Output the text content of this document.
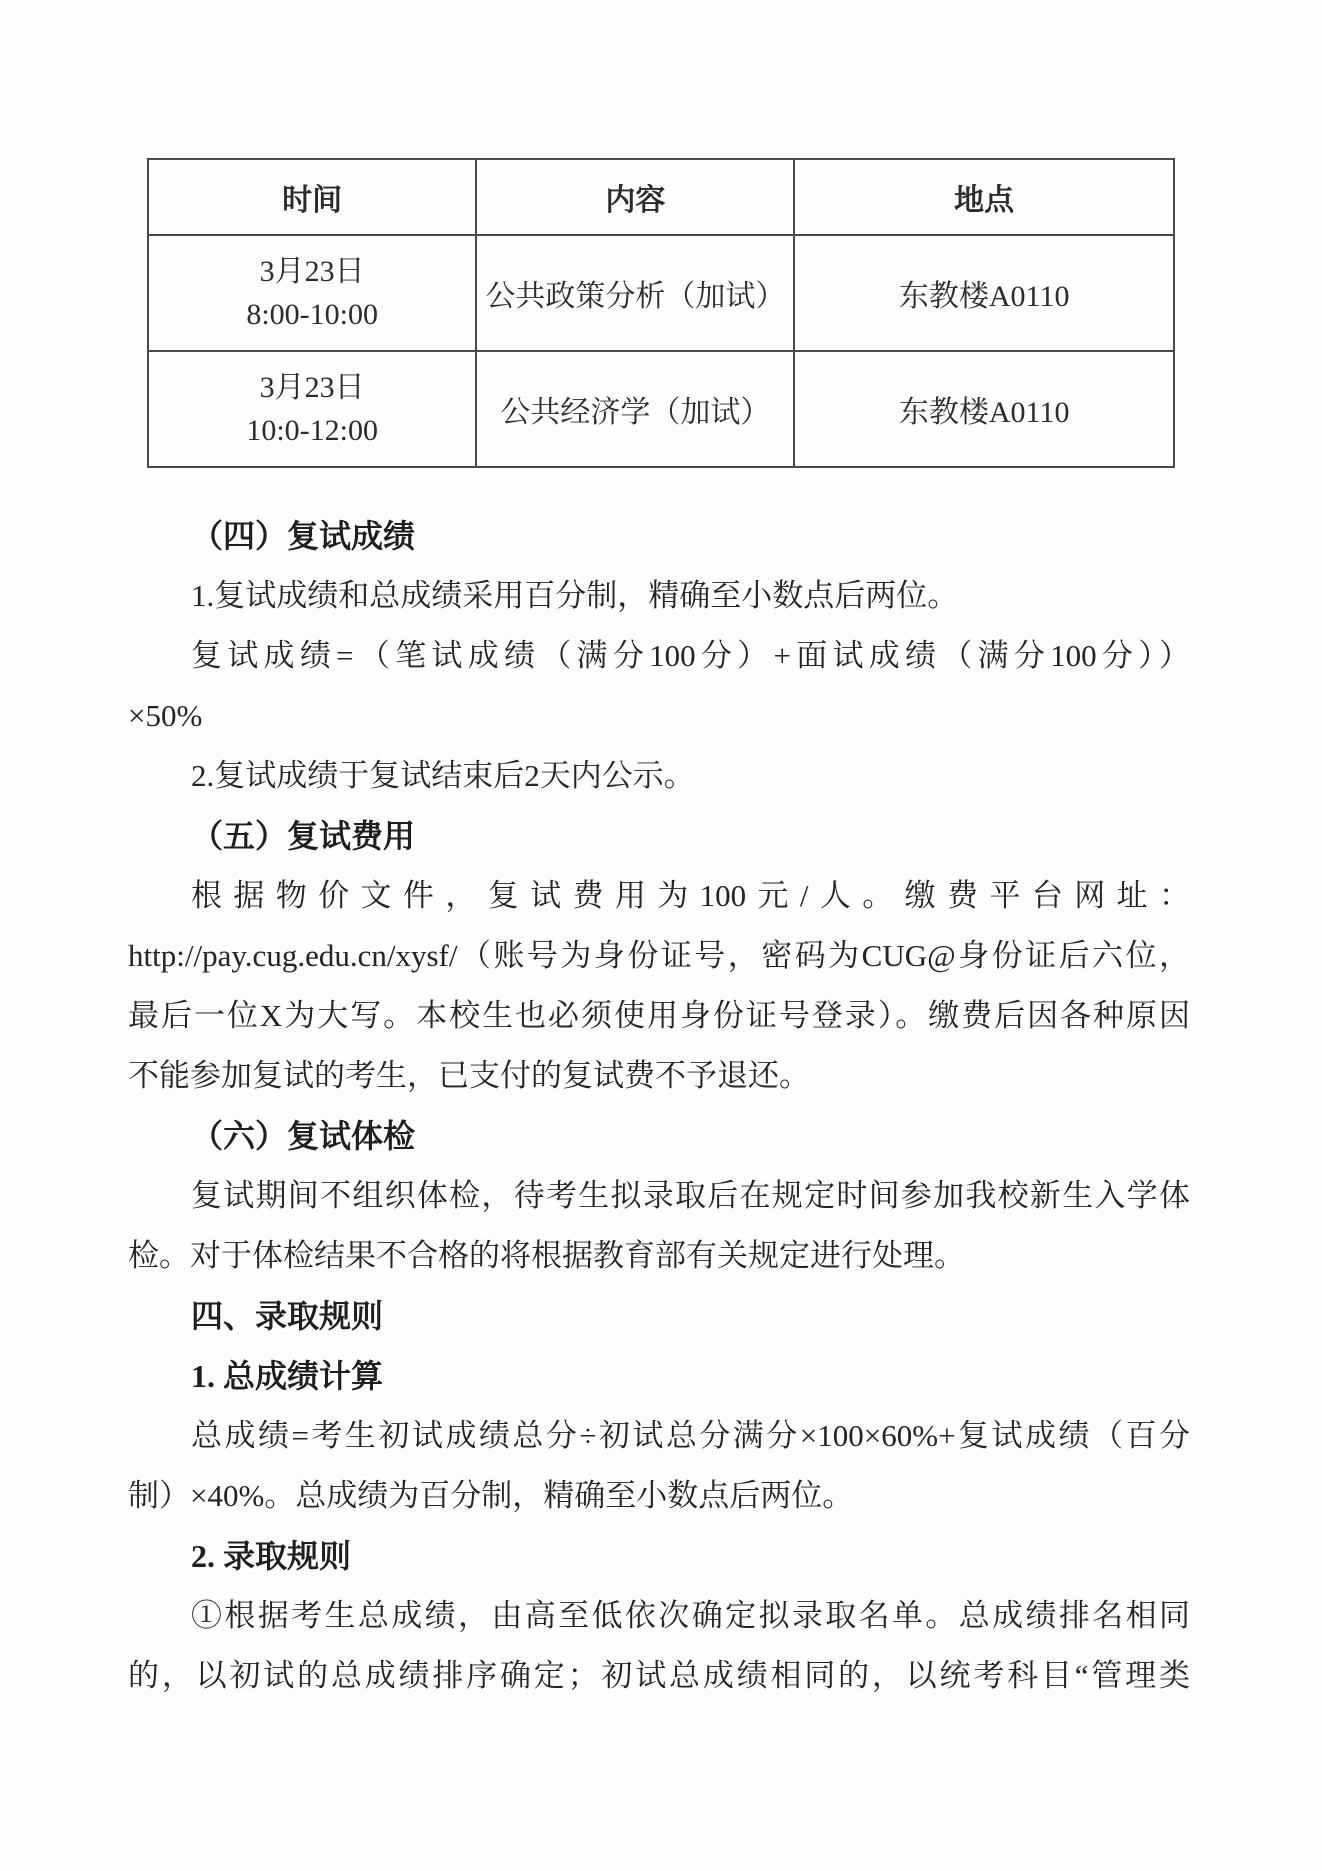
时间	内容	地点

3月23日
8:00-10:00	公共政策分析（加试）	东教楼A0110

3月23日
10:0-12:00	公共经济学（加试）	东教楼A0110
（四）复试成绩
1.复试成绩和总成绩采用百分制，精确至小数点后两位。
复试成绩=（笔试成绩（满分100分）+面试成绩（满分100分））
×50%
2.复试成绩于复试结束后2天内公示。
（五）复试费用
根据物价文件，复试费用为100元/人。缴费平台网址：
http://pay.cug.edu.cn/xysf/（账号为身份证号，密码为CUG@身份证后六位，
最后一位X为大写。本校生也必须使用身份证号登录）。缴费后因各种原因
不能参加复试的考生，已支付的复试费不予退还。
（六）复试体检
复试期间不组织体检，待考生拟录取后在规定时间参加我校新生入学体
检。对于体检结果不合格的将根据教育部有关规定进行处理。
四、录取规则
1. 总成绩计算
总成绩=考生初试成绩总分÷初试总分满分×100×60%+复试成绩（百分
制）×40%。总成绩为百分制，精确至小数点后两位。
2. 录取规则
①根据考生总成绩，由高至低依次确定拟录取名单。总成绩排名相同
的，以初试的总成绩排序确定；初试总成绩相同的，以统考科目“管理类
